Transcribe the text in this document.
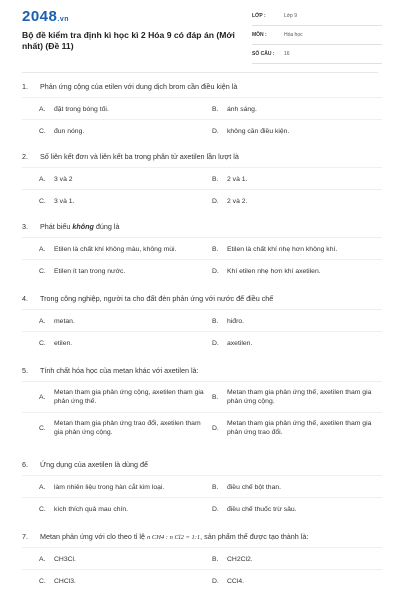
2048.vn
Bộ đề kiểm tra định kì học kì 2 Hóa 9 có đáp án (Mới nhất) (Đề 11)
LỚP :	Lớp 9
MÔN :	Hóa học
SỐ CÂU : 16
1. Phản ứng cộng của etilen với dung dịch brom cần điều kiện là
A. đặt trong bóng tối.	B. ánh sáng.
C. đun nóng.	D. không cần điều kiện.
2. Số liên kết đơn và liên kết ba trong phân tử axetilen lần lượt là
A. 3 và 2	B. 2 và 1.
C. 3 và 1.	D. 2 và 2.
3. Phát biểu không đúng là
A. Etilen là chất khí không màu, không mùi.	B. Etilen là chất khí nhẹ hơn không khí.
C. Etilen ít tan trong nước.	D. Khí etilen nhẹ hơn khí axetilen.
4. Trong công nghiệp, người ta cho đất đèn phản ứng với nước để điều chế
A. metan.	B. hiđro.
C. etilen.	D. axetilen.
5. Tính chất hóa học của metan khác với axetilen là:
A.
Metan tham gia phản ứng cộng, axetilen tham gia phản ứng thế.
B.
Metan tham gia phản ứng thế, axetilen tham gia phản ứng cộng.
C.
Metan tham gia phản ứng trao đổi, axetilen tham gia phản ứng cộng.
D.
Metan tham gia phản ứng thế, axetilen tham gia phản ứng trao đổi.
6. Ứng dụng của axetilen là dùng để
A. làm nhiên liệu trong hàn cắt kim loại.	B. điều chế bột than.
C. kích thích quả mau chín.	D. điều chế thuốc trừ sâu.
7. Metan phản ứng với clo theo tỉ lệ n CH4 : n Cl2 = 1:1, sản phẩm thế được tạo thành là:
A. CH3Cl.	B. CH2Cl2.
C. CHCl3.	D. CCl4.
